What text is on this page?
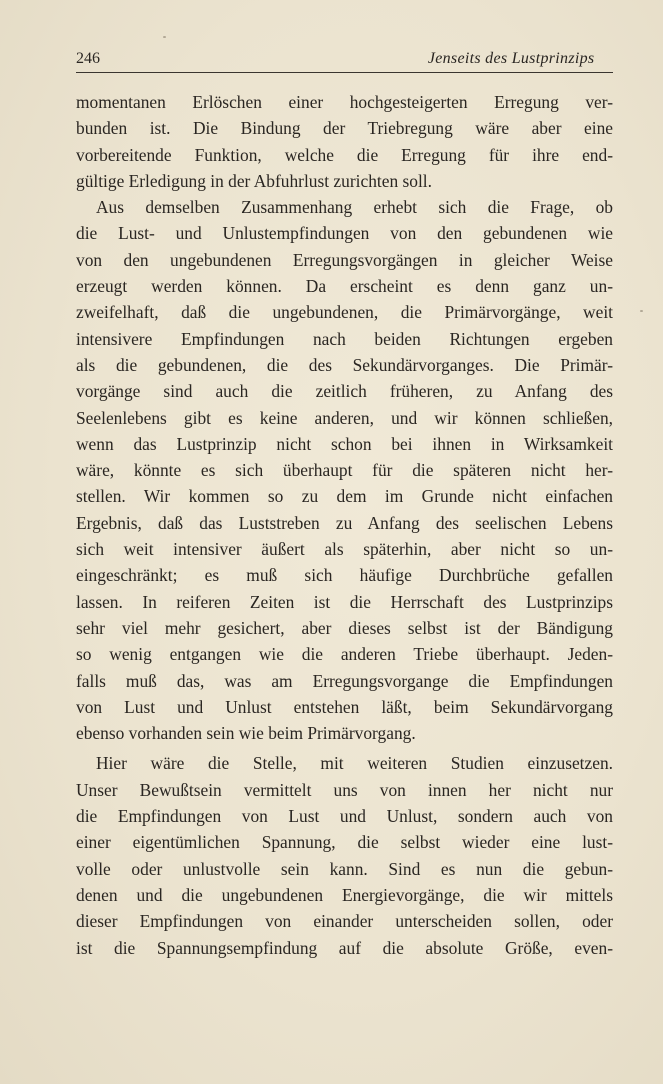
246	Jenseits des Lustprinzips
momentanen Erlöschen einer hochgesteigerten Erregung ver-
bunden ist. Die Bindung der Triebregung wäre aber eine
vorbereitende Funktion, welche die Erregung für ihre end-
gültige Erledigung in der Abfuhrlust zurichten soll.
Aus demselben Zusammenhang erhebt sich die Frage, ob
die Lust- und Unlustempfindungen von den gebundenen wie
von den ungebundenen Erregungsvorgängen in gleicher Weise
erzeugt werden können. Da erscheint es denn ganz un-
zweifelhaft, daß die ungebundenen, die Primärvorgänge, weit
intensivere Empfindungen nach beiden Richtungen ergeben
als die gebundenen, die des Sekundärvorganges. Die Primär-
vorgänge sind auch die zeitlich früheren, zu Anfang des
Seelenlebens gibt es keine anderen, und wir können schließen,
wenn das Lustprinzip nicht schon bei ihnen in Wirksamkeit
wäre, könnte es sich überhaupt für die späteren nicht her-
stellen. Wir kommen so zu dem im Grunde nicht einfachen
Ergebnis, daß das Luststreben zu Anfang des seelischen Lebens
sich weit intensiver äußert als späterhin, aber nicht so un-
eingeschränkt; es muß sich häufige Durchbrüche gefallen
lassen. In reiferen Zeiten ist die Herrschaft des Lustprinzips
sehr viel mehr gesichert, aber dieses selbst ist der Bändigung
so wenig entgangen wie die anderen Triebe überhaupt. Jeden-
falls muß das, was am Erregungsvorgange die Empfindungen
von Lust und Unlust entstehen läßt, beim Sekundärvorgang
ebenso vorhanden sein wie beim Primärvorgang.
Hier wäre die Stelle, mit weiteren Studien einzusetzen.
Unser Bewußtsein vermittelt uns von innen her nicht nur
die Empfindungen von Lust und Unlust, sondern auch von
einer eigentümlichen Spannung, die selbst wieder eine lust-
volle oder unlustvolle sein kann. Sind es nun die gebun-
denen und die ungebundenen Energievorgänge, die wir mittels
dieser Empfindungen von einander unterscheiden sollen, oder
ist die Spannungsempfindung auf die absolute Größe, even-
